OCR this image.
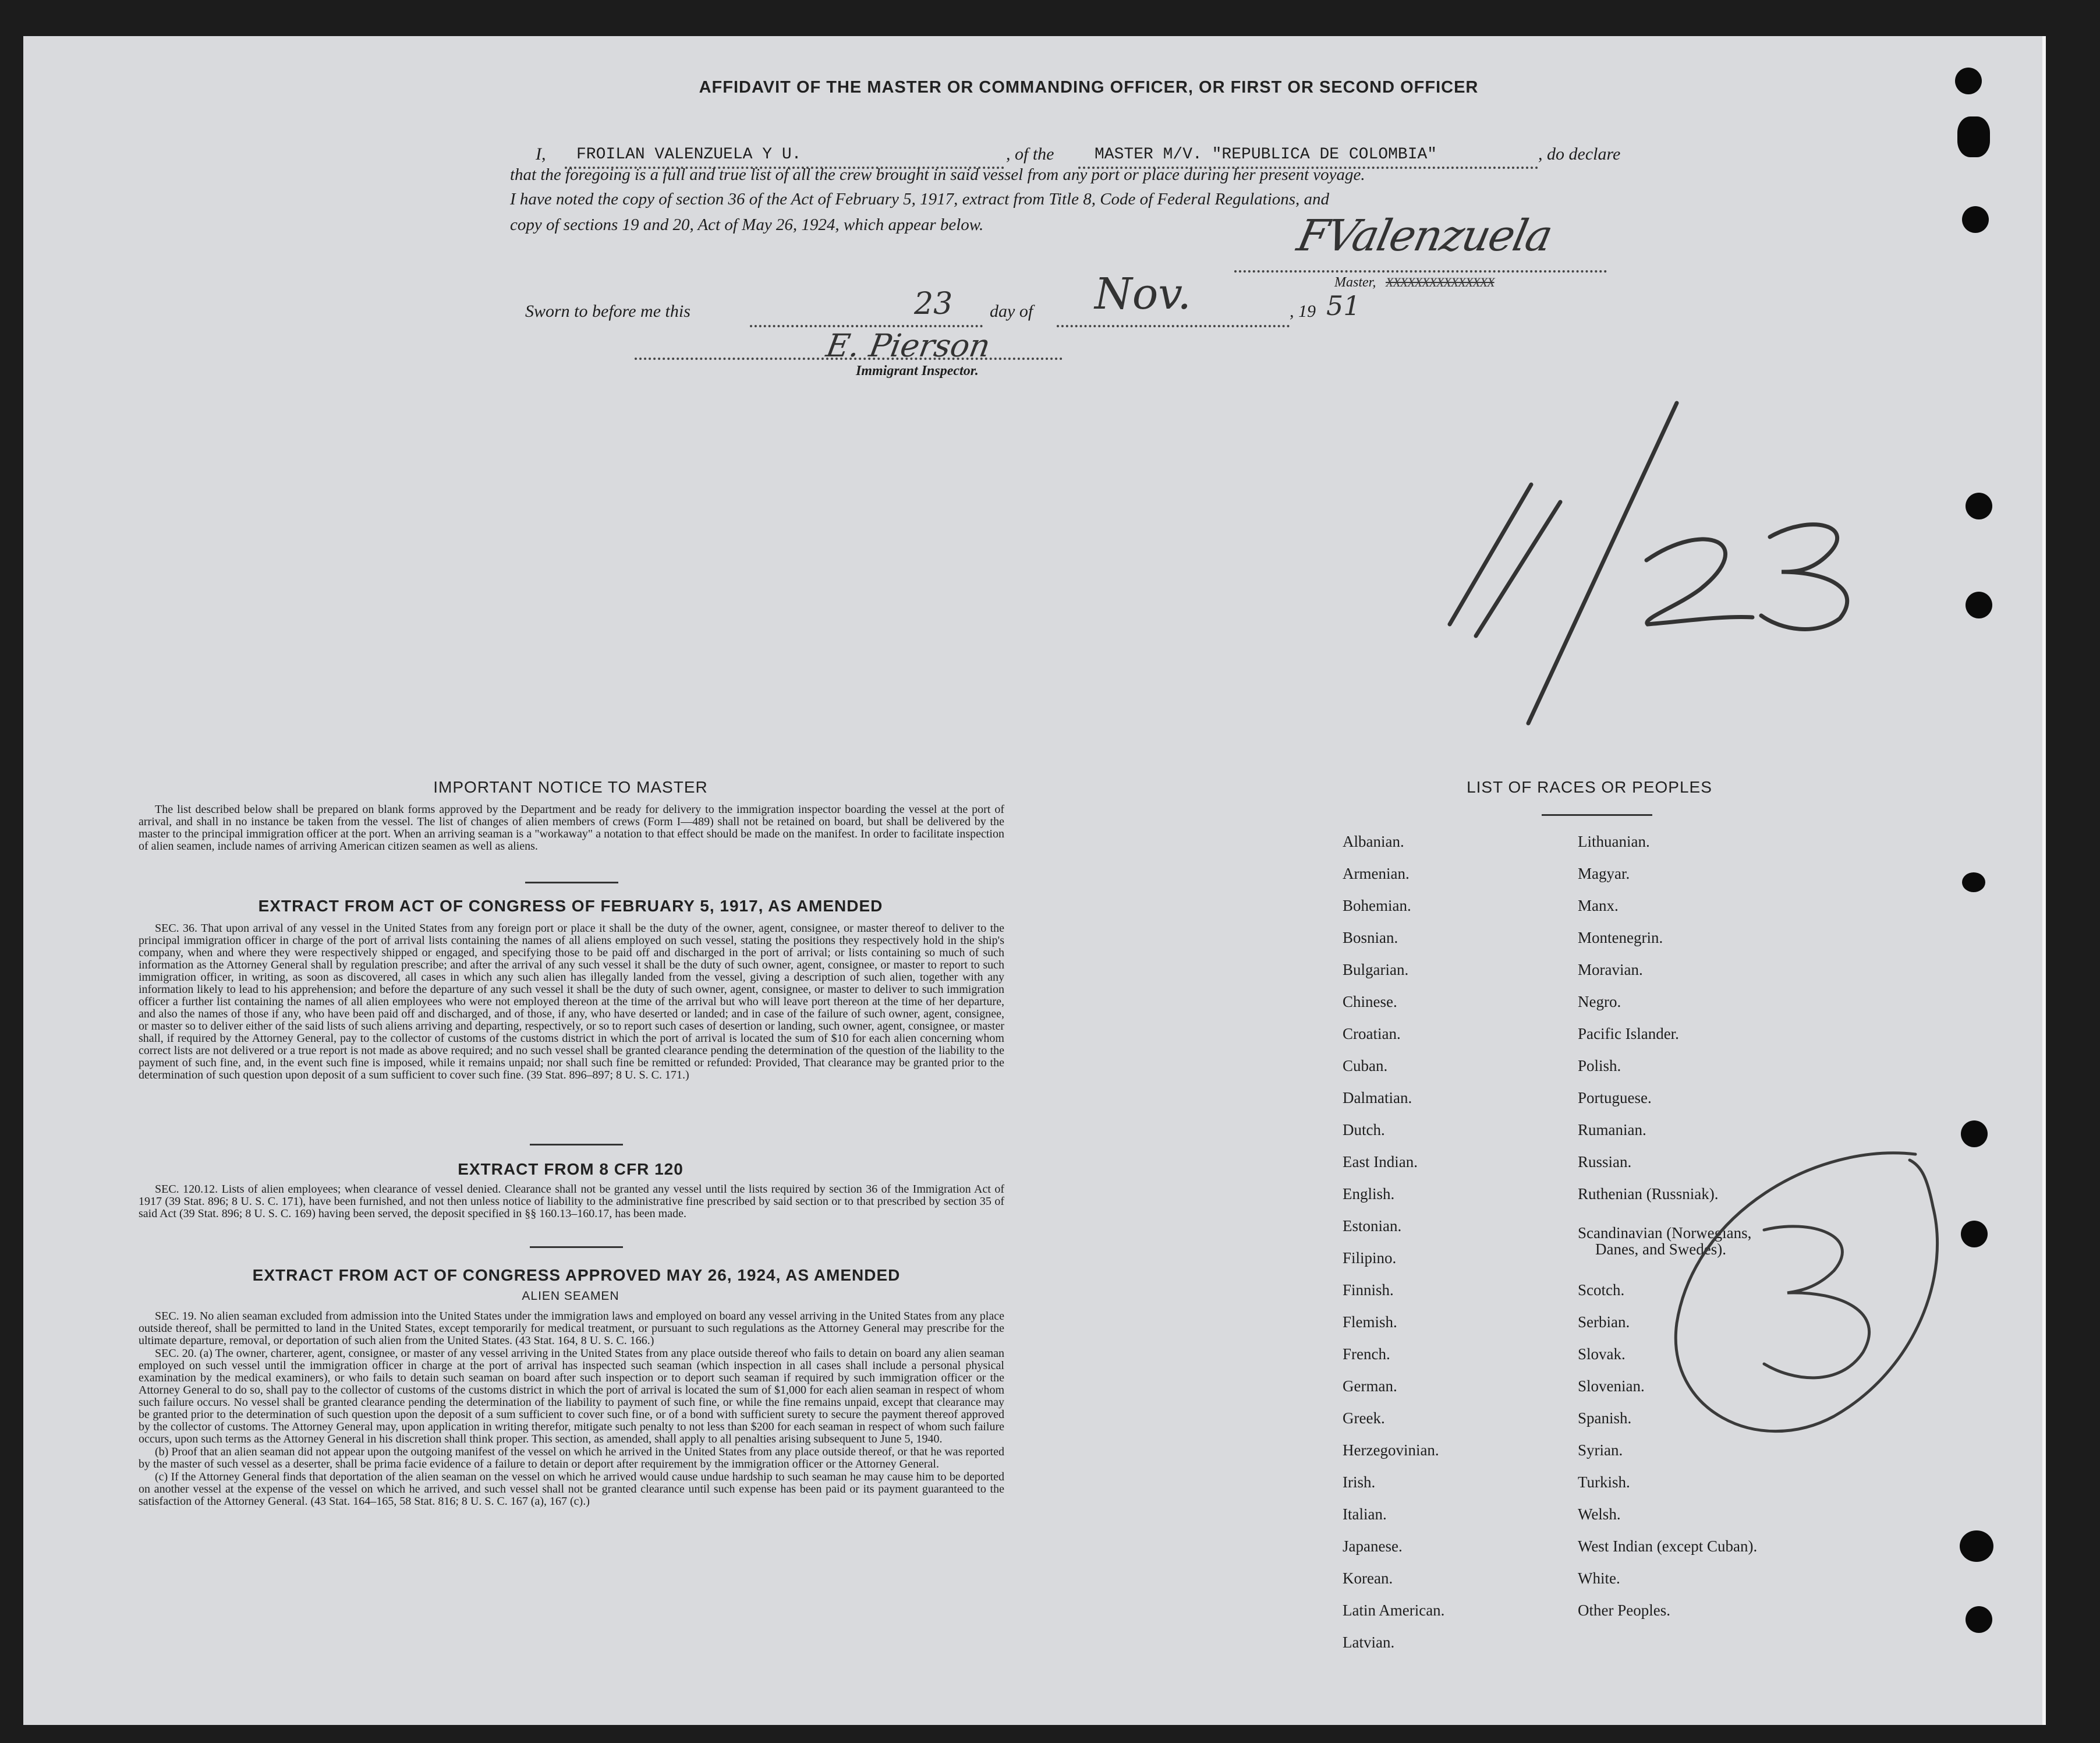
AFFIDAVIT OF THE MASTER OR COMMANDING OFFICER, OR FIRST OR SECOND OFFICER
I, FROILAN VALENZUELA Y U.	, of the MASTER M/V. "REPUBLICA DE COLOMBIA"	, do declare
that the foregoing is a full and true list of all the crew brought in said vessel from any port or place during her present voyage.
I have noted the copy of section 36 of the Act of February 5, 1917, extract from Title 8, Code of Federal Regulations, and
copy of sections 19 and 20, Act of May 26, 1924, which appear below.	FValenzuela
Master, XXXXXXXXXXXXXXX
Sworn to before me this	23 day of Nov.	, 19 51
E. Pierson
Immigrant Inspector.
IMPORTANT NOTICE TO MASTER

The list described below shall be prepared on blank forms approved by the Department and be ready for delivery to the immigration inspector boarding the vessel at the port of arrival, and shall in no instance be taken from the vessel. The list of changes of alien members of crews (Form I—489) shall not be retained on board, but shall be delivered by the master to the principal immigration officer at the port. When an arriving seaman is a "workaway" a notation to that effect should be made on the manifest. In order to facilitate inspection of alien seamen, include names of arriving American citizen seamen as well as aliens.

EXTRACT FROM ACT OF CONGRESS OF FEBRUARY 5, 1917, AS AMENDED

SEC. 36. That upon arrival of any vessel in the United States from any foreign port or place it shall be the duty of the owner, agent, consignee, or master thereof to deliver to the principal immigration officer in charge of the port of arrival lists containing the names of all aliens employed on such vessel, stating the positions they respectively hold in the ship's company, when and where they were respectively shipped or engaged, and specifying those to be paid off and discharged in the port of arrival; or lists containing so much of such information as the Attorney General shall by regulation prescribe; and after the arrival of any such vessel it shall be the duty of such owner, agent, consignee, or master to report to such immigration officer, in writing, as soon as discovered, all cases in which any such alien has illegally landed from the vessel, giving a description of such alien, together with any information likely to lead to his apprehension; and before the departure of any such vessel it shall be the duty of such owner, agent, consignee, or master to deliver to such immigration officer a further list containing the names of all alien employees who were not employed thereon at the time of the arrival but who will leave port thereon at the time of her departure, and also the names of those if any, who have been paid off and discharged, and of those, if any, who have deserted or landed; and in case of the failure of such owner, agent, consignee, or master so to deliver either of the said lists of such aliens arriving and departing, respectively, or so to report such cases of desertion or landing, such owner, agent, consignee, or master shall, if required by the Attorney General, pay to the collector of customs of the customs district in which the port of arrival is located the sum of $10 for each alien concerning whom correct lists are not delivered or a true report is not made as above required; and no such vessel shall be granted clearance pending the determination of the question of the liability to the payment of such fine, and, in the event such fine is imposed, while it remains unpaid; nor shall such fine be remitted or refunded: Provided, That clearance may be granted prior to the determination of such question upon deposit of a sum sufficient to cover such fine. (39 Stat. 896–897; 8 U. S. C. 171.)

EXTRACT FROM 8 CFR 120

SEC. 120.12. Lists of alien employees; when clearance of vessel denied. Clearance shall not be granted any vessel until the lists required by section 36 of the Immigration Act of 1917 (39 Stat. 896; 8 U. S. C. 171), have been furnished, and not then unless notice of liability to the administrative fine prescribed by said section or to that prescribed by section 35 of said Act (39 Stat. 896; 8 U. S. C. 169) having been served, the deposit specified in §§ 160.13–160.17, has been made.

EXTRACT FROM ACT OF CONGRESS APPROVED MAY 26, 1924, AS AMENDED
ALIEN SEAMEN

SEC. 19. No alien seaman excluded from admission into the United States under the immigration laws and employed on board any vessel arriving in the United States from any place outside thereof, shall be permitted to land in the United States, except temporarily for medical treatment, or pursuant to such regulations as the Attorney General may prescribe for the ultimate departure, removal, or deportation of such alien from the United States. (43 Stat. 164, 8 U. S. C. 166.)

SEC. 20. (a) The owner, charterer, agent, consignee, or master of any vessel arriving in the United States from any place outside thereof who fails to detain on board any alien seaman employed on such vessel until the immigration officer in charge at the port of arrival has inspected such seaman (which inspection in all cases shall include a personal physical examination by the medical examiners), or who fails to detain such seaman on board after such inspection or to deport such seaman if required by such immigration officer or the Attorney General to do so, shall pay to the collector of customs of the customs district in which the port of arrival is located the sum of $1,000 for each alien seaman in respect of whom such failure occurs. No vessel shall be granted clearance pending the determination of the liability to payment of such fine, or while the fine remains unpaid, except that clearance may be granted prior to the determination of such question upon the deposit of a sum sufficient to cover such fine, or of a bond with sufficient surety to secure the payment thereof approved by the collector of customs. The Attorney General may, upon application in writing therefor, mitigate such penalty to not less than $200 for each seaman in respect of whom such failure occurs, upon such terms as the Attorney General in his discretion shall think proper. This section, as amended, shall apply to all penalties arising subsequent to June 5, 1940.

(b) Proof that an alien seaman did not appear upon the outgoing manifest of the vessel on which he arrived in the United States from any place outside thereof, or that he was reported by the master of such vessel as a deserter, shall be prima facie evidence of a failure to detain or deport after requirement by the immigration officer or the Attorney General.

(c) If the Attorney General finds that deportation of the alien seaman on the vessel on which he arrived would cause undue hardship to such seaman he may cause him to be deported on another vessel at the expense of the vessel on which he arrived, and such vessel shall not be granted clearance until such expense has been paid or its payment guaranteed to the satisfaction of the Attorney General. (43 Stat. 164–165, 58 Stat. 816; 8 U. S. C. 167 (a), 167 (c).)

LIST OF RACES OR PEOPLES
Albanian.
Armenian.
Bohemian.
Bosnian.
Bulgarian.
Chinese.
Croatian.
Cuban.
Dalmatian.
Dutch.
East Indian.
English.
Estonian.
Filipino.
Finnish.
Flemish.
French.
German.
Greek.
Herzegovinian.
Irish.
Italian.
Japanese.
Korean.
Latin American.
Latvian.
Lithuanian.
Magyar.
Manx.
Montenegrin.
Moravian.
Negro.
Pacific Islander.
Polish.
Portuguese.
Rumanian.
Russian.
Ruthenian (Russniak).
Scandinavian (Norwegians,
Danes, and Swedes).
Scotch.
Serbian.
Slovak.
Slovenian.
Spanish.
Syrian.
Turkish.
Welsh.
West Indian (except Cuban).
White.
Other Peoples.
